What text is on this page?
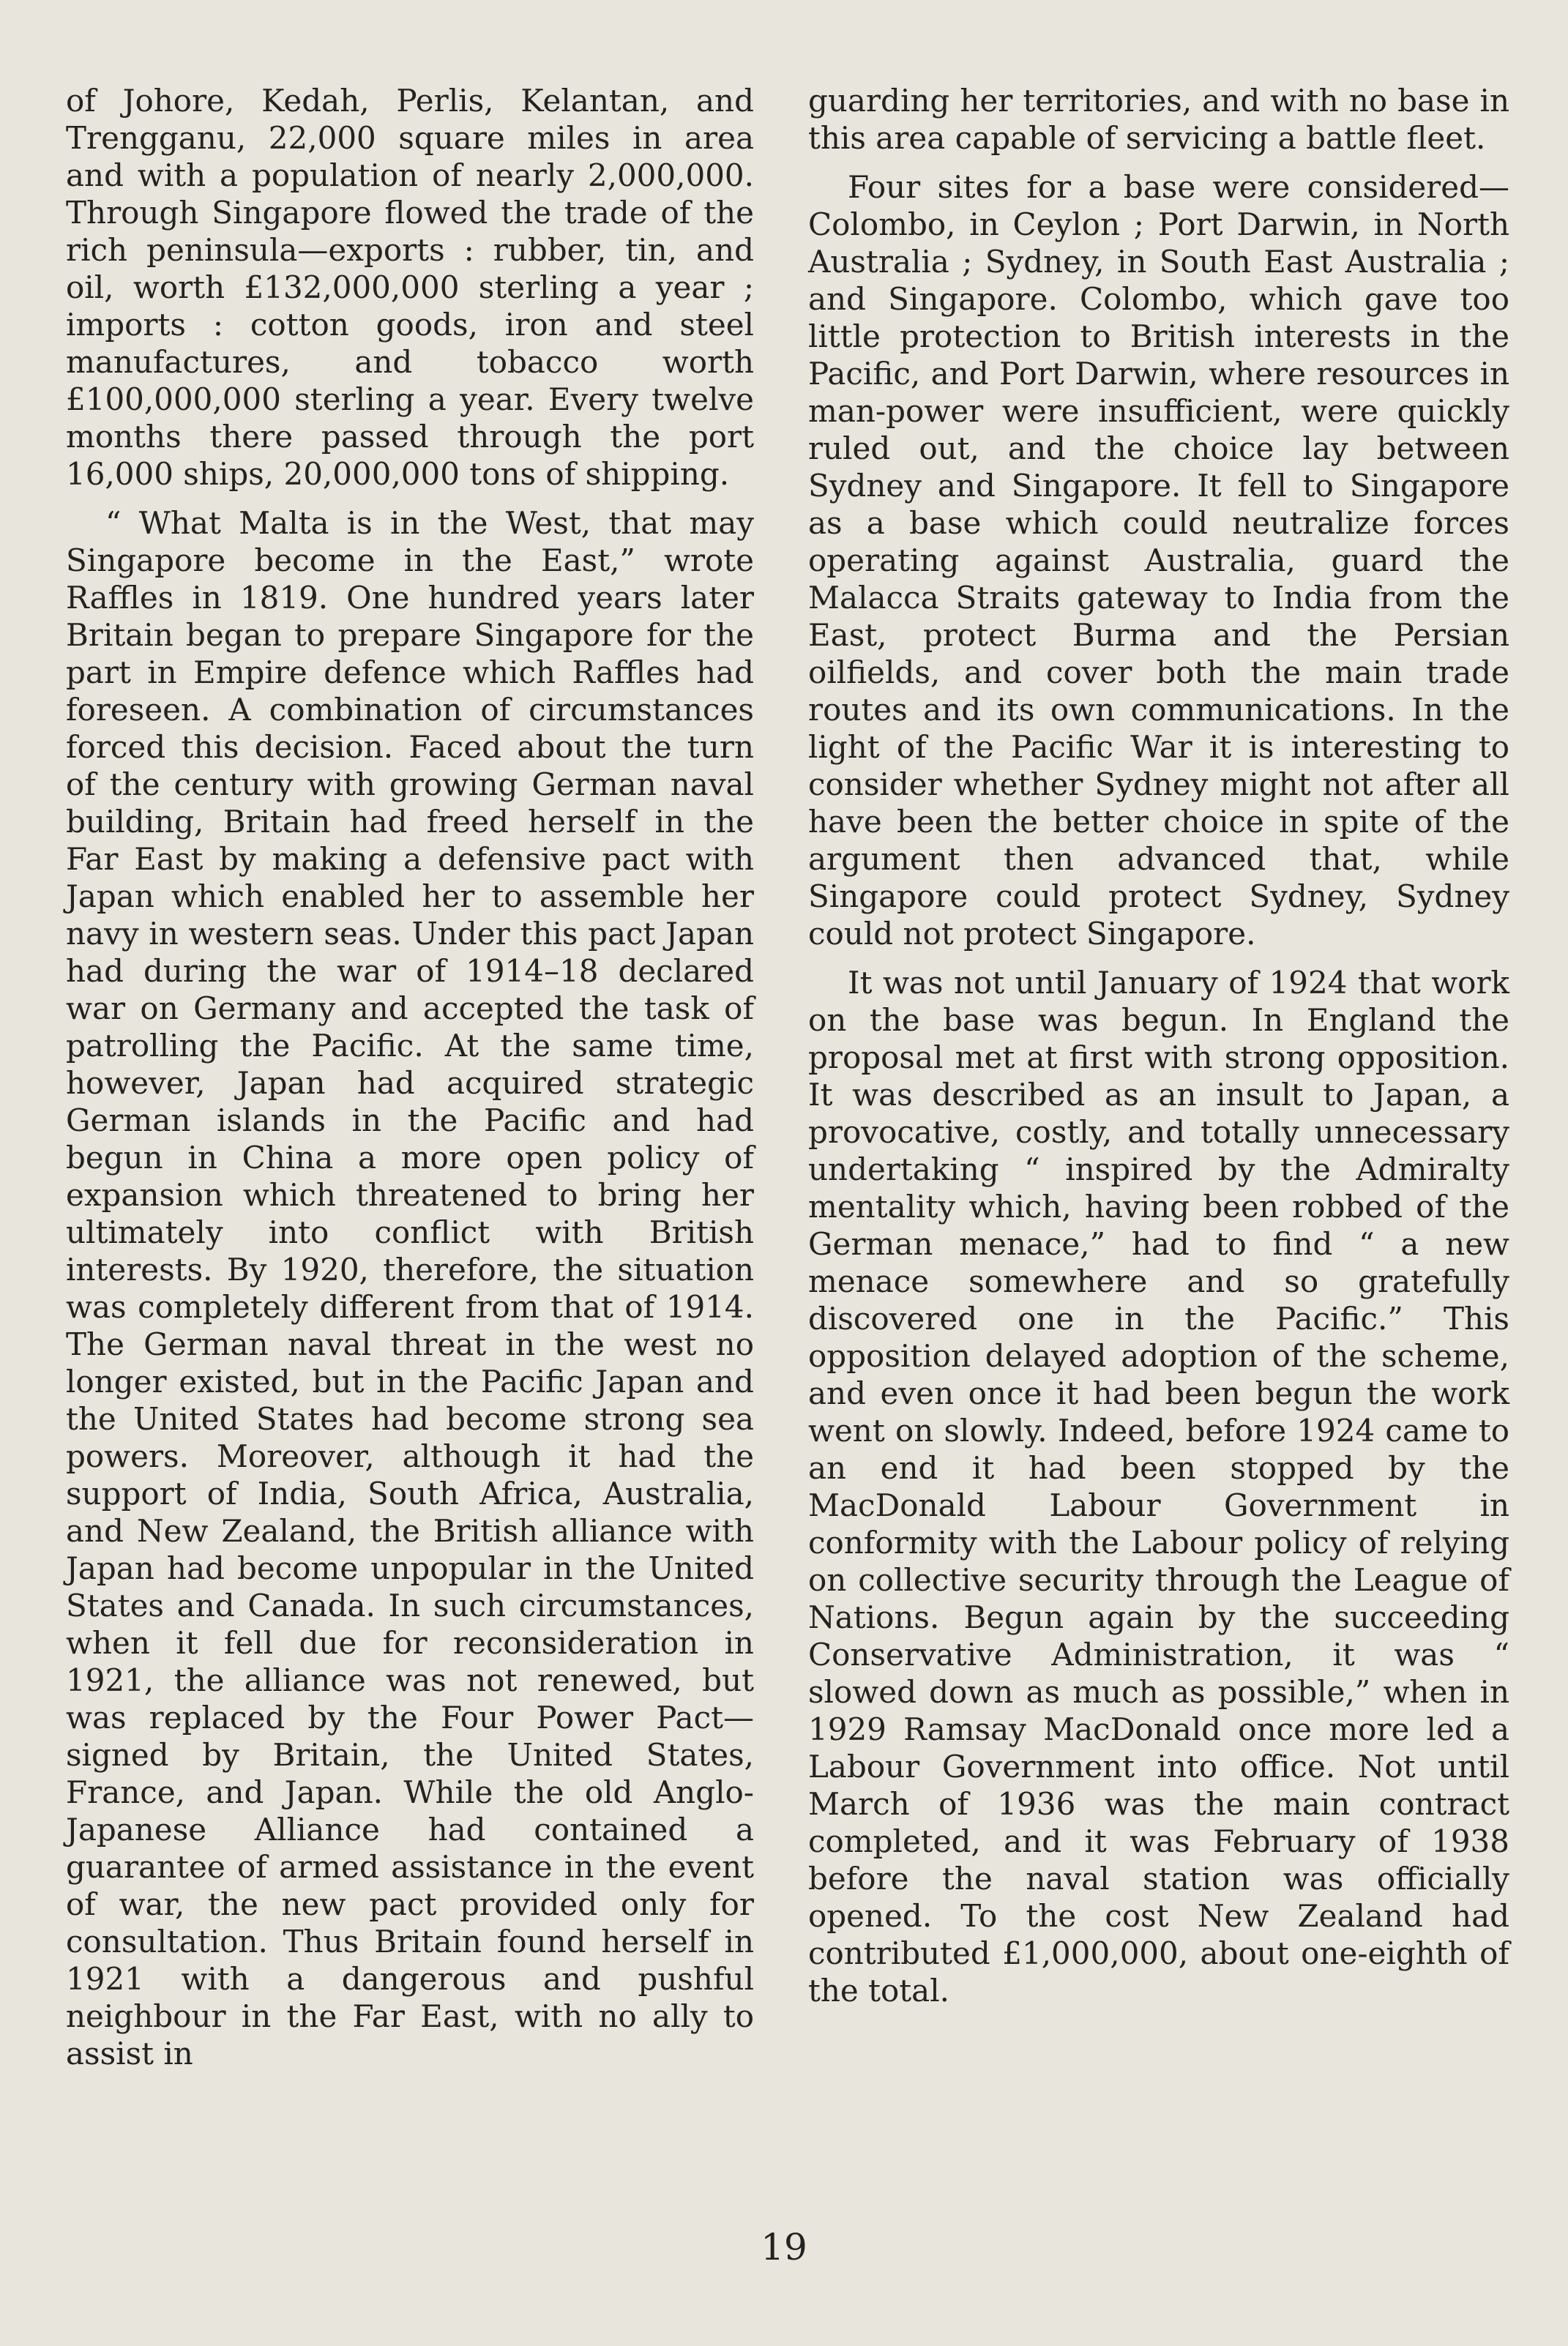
of Johore, Kedah, Perlis, Kelantan, and Trengganu, 22,000 square miles in area and with a population of nearly 2,000,000. Through Singapore flowed the trade of the rich peninsula—exports : rubber, tin, and oil, worth £132,000,000 sterling a year ; imports : cotton goods, iron and steel manufactures, and tobacco worth £100,000,000 sterling a year. Every twelve months there passed through the port 16,000 ships, 20,000,000 tons of shipping.

“ What Malta is in the West, that may Singapore become in the East,” wrote Raffles in 1819. One hundred years later Britain began to prepare Singapore for the part in Empire defence which Raffles had foreseen. A combination of circumstances forced this decision. Faced about the turn of the century with growing German naval building, Britain had freed herself in the Far East by making a defensive pact with Japan which enabled her to assemble her navy in western seas. Under this pact Japan had during the war of 1914–18 declared war on Germany and accepted the task of patrolling the Pacific. At the same time, however, Japan had acquired strategic German islands in the Pacific and had begun in China a more open policy of expansion which threatened to bring her ultimately into conflict with British interests. By 1920, therefore, the situation was completely different from that of 1914. The German naval threat in the west no longer existed, but in the Pacific Japan and the United States had become strong sea powers. Moreover, although it had the support of India, South Africa, Australia, and New Zealand, the British alliance with Japan had become unpopular in the United States and Canada. In such circumstances, when it fell due for reconsideration in 1921, the alliance was not renewed, but was replaced by the Four Power Pact—signed by Britain, the United States, France, and Japan. While the old Anglo-Japanese Alliance had contained a guarantee of armed assistance in the event of war, the new pact provided only for consultation. Thus Britain found herself in 1921 with a dangerous and pushful neighbour in the Far East, with no ally to assist in

guarding her territories, and with no base in this area capable of servicing a battle fleet.

Four sites for a base were considered—Colombo, in Ceylon ; Port Darwin, in North Australia ; Sydney, in South East Australia ; and Singapore. Colombo, which gave too little protection to British interests in the Pacific, and Port Darwin, where resources in man-power were insufficient, were quickly ruled out, and the choice lay between Sydney and Singapore. It fell to Singapore as a base which could neutralize forces operating against Australia, guard the Malacca Straits gateway to India from the East, protect Burma and the Persian oilfields, and cover both the main trade routes and its own communications. In the light of the Pacific War it is interesting to consider whether Sydney might not after all have been the better choice in spite of the argument then advanced that, while Singapore could protect Sydney, Sydney could not protect Singapore.

It was not until January of 1924 that work on the base was begun. In England the proposal met at first with strong opposition. It was described as an insult to Japan, a provocative, costly, and totally unnecessary undertaking “ inspired by the Admiralty mentality which, having been robbed of the German menace,” had to find “ a new menace somewhere and so gratefully discovered one in the Pacific.” This opposition delayed adoption of the scheme, and even once it had been begun the work went on slowly. Indeed, before 1924 came to an end it had been stopped by the MacDonald Labour Government in conformity with the Labour policy of relying on collective security through the League of Nations. Begun again by the succeeding Conservative Administration, it was “ slowed down as much as possible,” when in 1929 Ramsay MacDonald once more led a Labour Government into office. Not until March of 1936 was the main contract completed, and it was February of 1938 before the naval station was officially opened. To the cost New Zealand had contributed £1,000,000, about one-eighth of the total.

19
